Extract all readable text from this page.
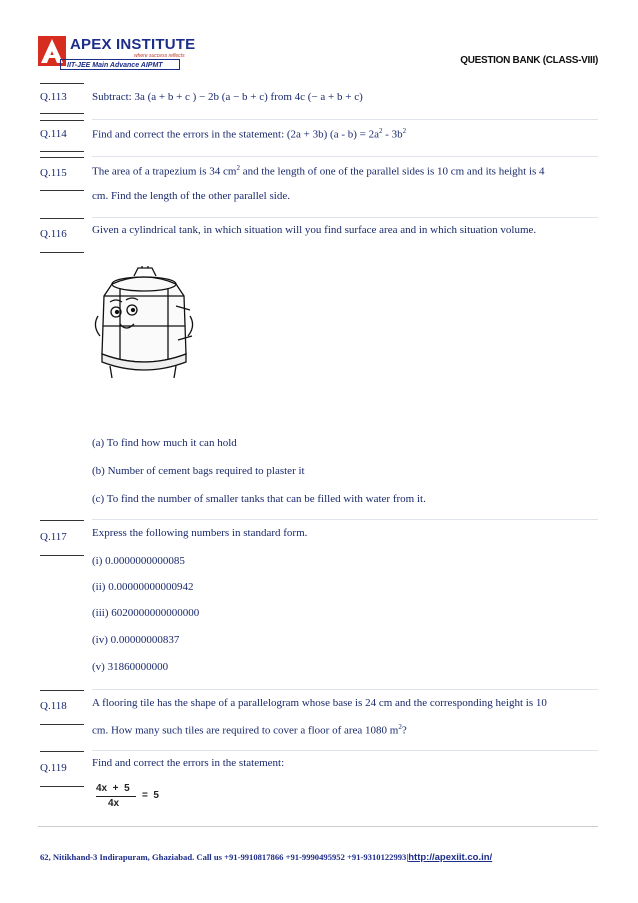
APEX INSTITUTE
where success reflects
IIT-JEE Main Advance AIPMT	QUESTION BANK (CLASS-VIII)
Q.113 Subtract: 3a (a + b + c ) − 2b (a − b + c) from 4c (− a + b + c)
Q.114 Find and correct the errors in the statement: (2a + 3b) $(a - b) = 2a^2 - 3b^2$
Q.115 The area of a trapezium is 34 $cm^2$ and the length of one of the parallel sides is 10 cm and its height is 4
cm. Find the length of the other parallel side.
Q.116 Given a cylindrical tank, in which situation will you find surface area and in which situation volume.
(a) To find how much it can hold
(b) Number of cement bags required to plaster it
(c) To find the number of smaller tanks that can be filled with water from it.
Q.117 Express the following numbers in standard form.
(i) 0.0000000000085
(ii) 0.00000000000942
(iii) 6020000000000000
(iv) 0.00000000837
(v) 31860000000
Q.118 A flooring tile has the shape of a parallelogram whose base is 24 cm and the corresponding height is 10
cm. How many such tiles are required to cover a floor of area 1080 $m^2$?
Q.119 Find and correct the errors in the statement:
4x  +  5
4x
=  5
62, Nitikhand-3 Indirapuram, Ghaziabad. Call us +91-9910817866 +91-9990495952 +91-9310122993|http://apexiit.co.in/
